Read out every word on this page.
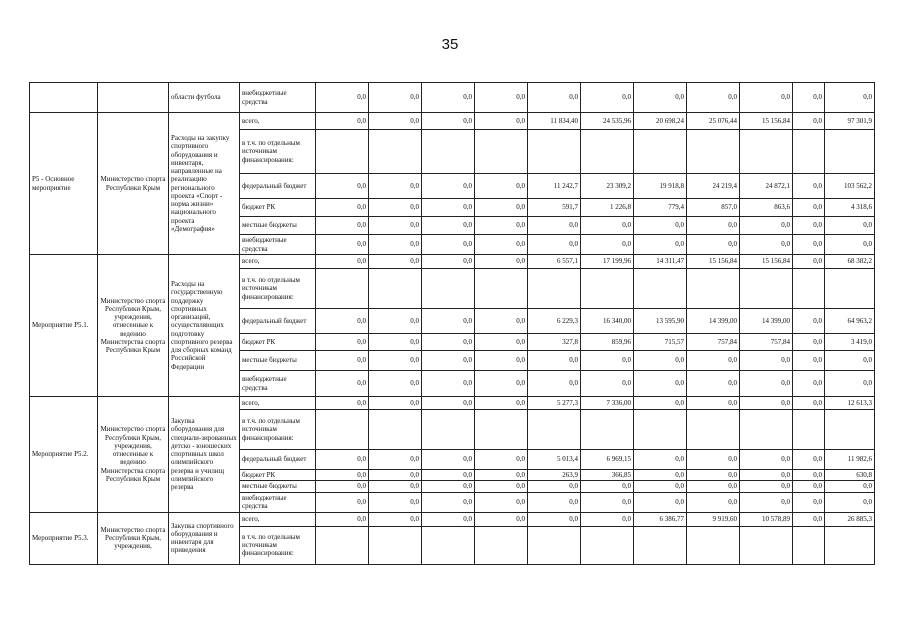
35
		области футбола	внебюджетные средства	0,0	0,0	0,0	0,0	0,0	0,0	0,0	0,0	0,0	0,0	0,0
Р5 - Основное мероприятие	Министерство спорта Республики Крым	Расходы на закупку спортивного оборудования и инвентаря, направленные на реализацию регионального проекта «Спорт - норма жизни» национального проекта «Демография»	всего,	0,0	0,0	0,0	0,0	11 834,40	24 535,96	20 698,24	25 076,44	15 156,84	0,0	97 301,9
			в т.ч. по отдельным источникам финансирования:											
			федеральный бюджет	0,0	0,0	0,0	0,0	11 242,7	23 309,2	19 918,8	24 219,4	24 872,1	0,0	103 562,2
			бюджет РК	0,0	0,0	0,0	0,0	591,7	1 226,8	779,4	857,0	863,6	0,0	4 318,6
			местные бюджеты	0,0	0,0	0,0	0,0	0,0	0,0	0,0	0,0	0,0	0,0	0,0
			внебюджетные средства	0,0	0,0	0,0	0,0	0,0	0,0	0,0	0,0	0,0	0,0	0,0
Мероприятие Р5.1.	Министерство спорта Республики Крым, учреждения, отнесенные к ведению Министерства спорта Республики Крым	Расходы на государственную поддержку спортивных организаций, осуществляющих подготовку спортивного резерва для сборных команд Российской Федерации	всего,	0,0	0,0	0,0	0,0	6 557,1	17 199,96	14 311,47	15 156,84	15 156,84	0,0	68 382,2
			в т.ч. по отдельным источникам финансирования:											
			федеральный бюджет	0,0	0,0	0,0	0,0	6 229,3	16 340,00	13 595,90	14 399,00	14 399,00	0,0	64 963,2
			бюджет РК	0,0	0,0	0,0	0,0	327,8	859,96	715,57	757,84	757,84	0,0	3 419,0
			местные бюджеты	0,0	0,0	0,0	0,0	0,0	0,0	0,0	0,0	0,0	0,0	0,0
			внебюджетные средства	0,0	0,0	0,0	0,0	0,0	0,0	0,0	0,0	0,0	0,0	0,0
Мероприятие Р5.2.	Министерство спорта Республики Крым, учреждения, отнесенные к ведению Министерства спорта Республики Крым	Закупка оборудования для специали-зированных детско - юношеских спортивных школ олимпийского резерва и училищ олимпийского резерва	всего,	0,0	0,0	0,0	0,0	5 277,3	7 336,00	0,0	0,0	0,0	0,0	12 613,3
			в т.ч. по отдельным источникам финансирования:											
			федеральный бюджет	0,0	0,0	0,0	0,0	5 013,4	6 969,15	0,0	0,0	0,0	0,0	11 982,6
			бюджет РК	0,0	0,0	0,0	0,0	263,9	366,85	0,0	0,0	0,0	0,0	630,8
			местные бюджеты	0,0	0,0	0,0	0,0	0,0	0,0	0,0	0,0	0,0	0,0	0,0
			внебюджетные средства	0,0	0,0	0,0	0,0	0,0	0,0	0,0	0,0	0,0	0,0	0,0
Мероприятие Р5.3.	Министерство спорта Республики Крым, учреждения,	Закупка спортивного оборудования и инвентаря для приведения	всего,	0,0	0,0	0,0	0,0	0,0	0,0	6 386,77	9 919,60	10 578,89	0,0	26 885,3
			в т.ч. по отдельным источникам финансирования:											
